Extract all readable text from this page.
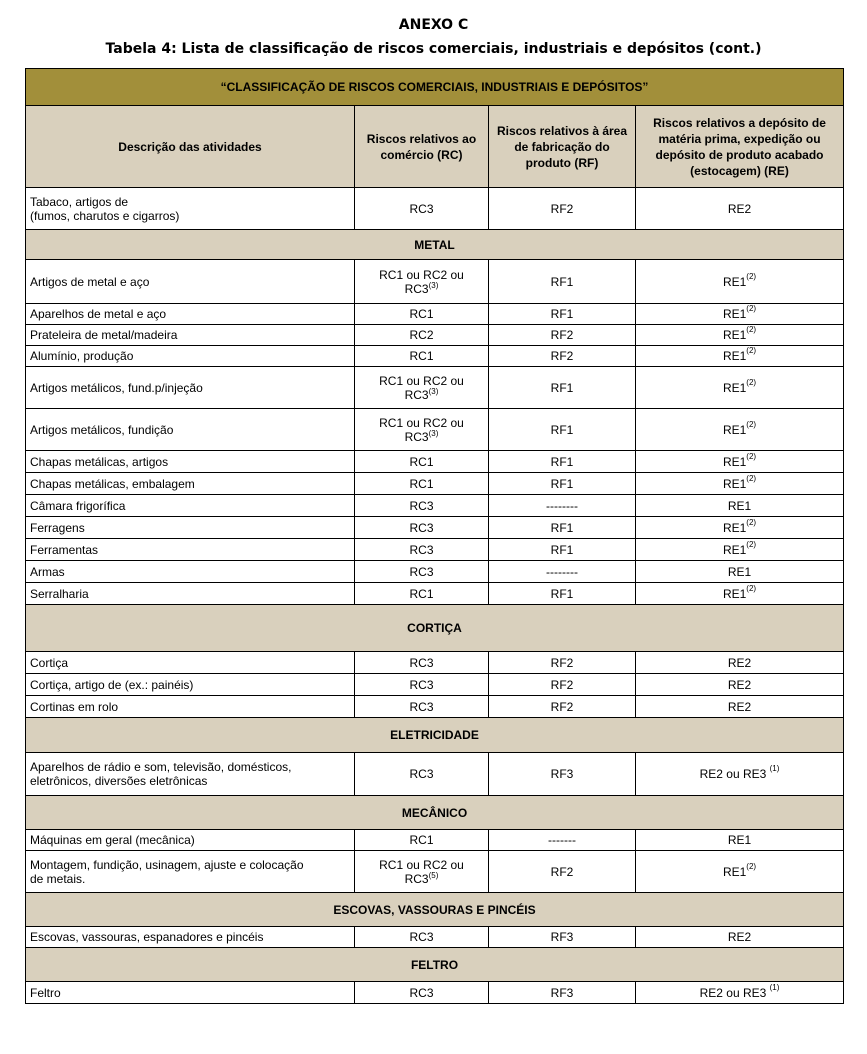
ANEXO C
Tabela 4: Lista de classificação de riscos comerciais, industriais e depósitos (cont.)
“CLASSIFICAÇÃO DE RISCOS COMERCIAIS, INDUSTRIAIS E DEPÓSITOS”			
Descrição das atividades	Riscos relativos ao comércio (RC)	Riscos relativos à área de fabricação do produto (RF)	Riscos relativos a depósito de matéria prima, expedição ou depósito de produto acabado (estocagem) (RE)
Tabaco, artigos de
(fumos, charutos e cigarros)	RC3	RF2	RE2
METAL			
Artigos de metal e aço	RC1 ou RC2 ou
RC3$^{(3)}$	RF1	RE1$^{(2)}$
Aparelhos de metal e aço	RC1	RF1	RE1$^{(2)}$
Prateleira de metal/madeira	RC2	RF2	RE1$^{(2)}$
Alumínio, produção	RC1	RF2	RE1$^{(2)}$
Artigos metálicos, fund.p/injeção	RC1 ou RC2 ou
RC3$^{(3)}$	RF1	RE1$^{(2)}$
Artigos metálicos, fundição	RC1 ou RC2 ou
RC3$^{(3)}$	RF1	RE1$^{(2)}$
Chapas metálicas, artigos	RC1	RF1	RE1$^{(2)}$
Chapas metálicas, embalagem	RC1	RF1	RE1$^{(2)}$
Câmara frigorífica	RC3	--------	RE1
Ferragens	RC3	RF1	RE1$^{(2)}$
Ferramentas	RC3	RF1	RE1$^{(2)}$
Armas	RC3	--------	RE1
Serralharia	RC1	RF1	RE1$^{(2)}$
CORTIÇA			
Cortiça	RC3	RF2	RE2
Cortiça, artigo de (ex.: painéis)	RC3	RF2	RE2
Cortinas em rolo	RC3	RF2	RE2
ELETRICIDADE			
Aparelhos de rádio e som, televisão, domésticos,
eletrônicos, diversões eletrônicas	RC3	RF3	RE2 ou RE3 $^{(1)}$
MECÂNICO			
Máquinas em geral (mecânica)	RC1	-------	RE1
Montagem, fundição, usinagem, ajuste e colocação
de metais.	RC1 ou RC2 ou
RC3$^{(5)}$	RF2	RE1$^{(2)}$
ESCOVAS, VASSOURAS E PINCÉIS			
Escovas, vassouras, espanadores e pincéis	RC3	RF3	RE2
FELTRO			
Feltro	RC3	RF3	RE2 ou RE3 $^{(1)}$
